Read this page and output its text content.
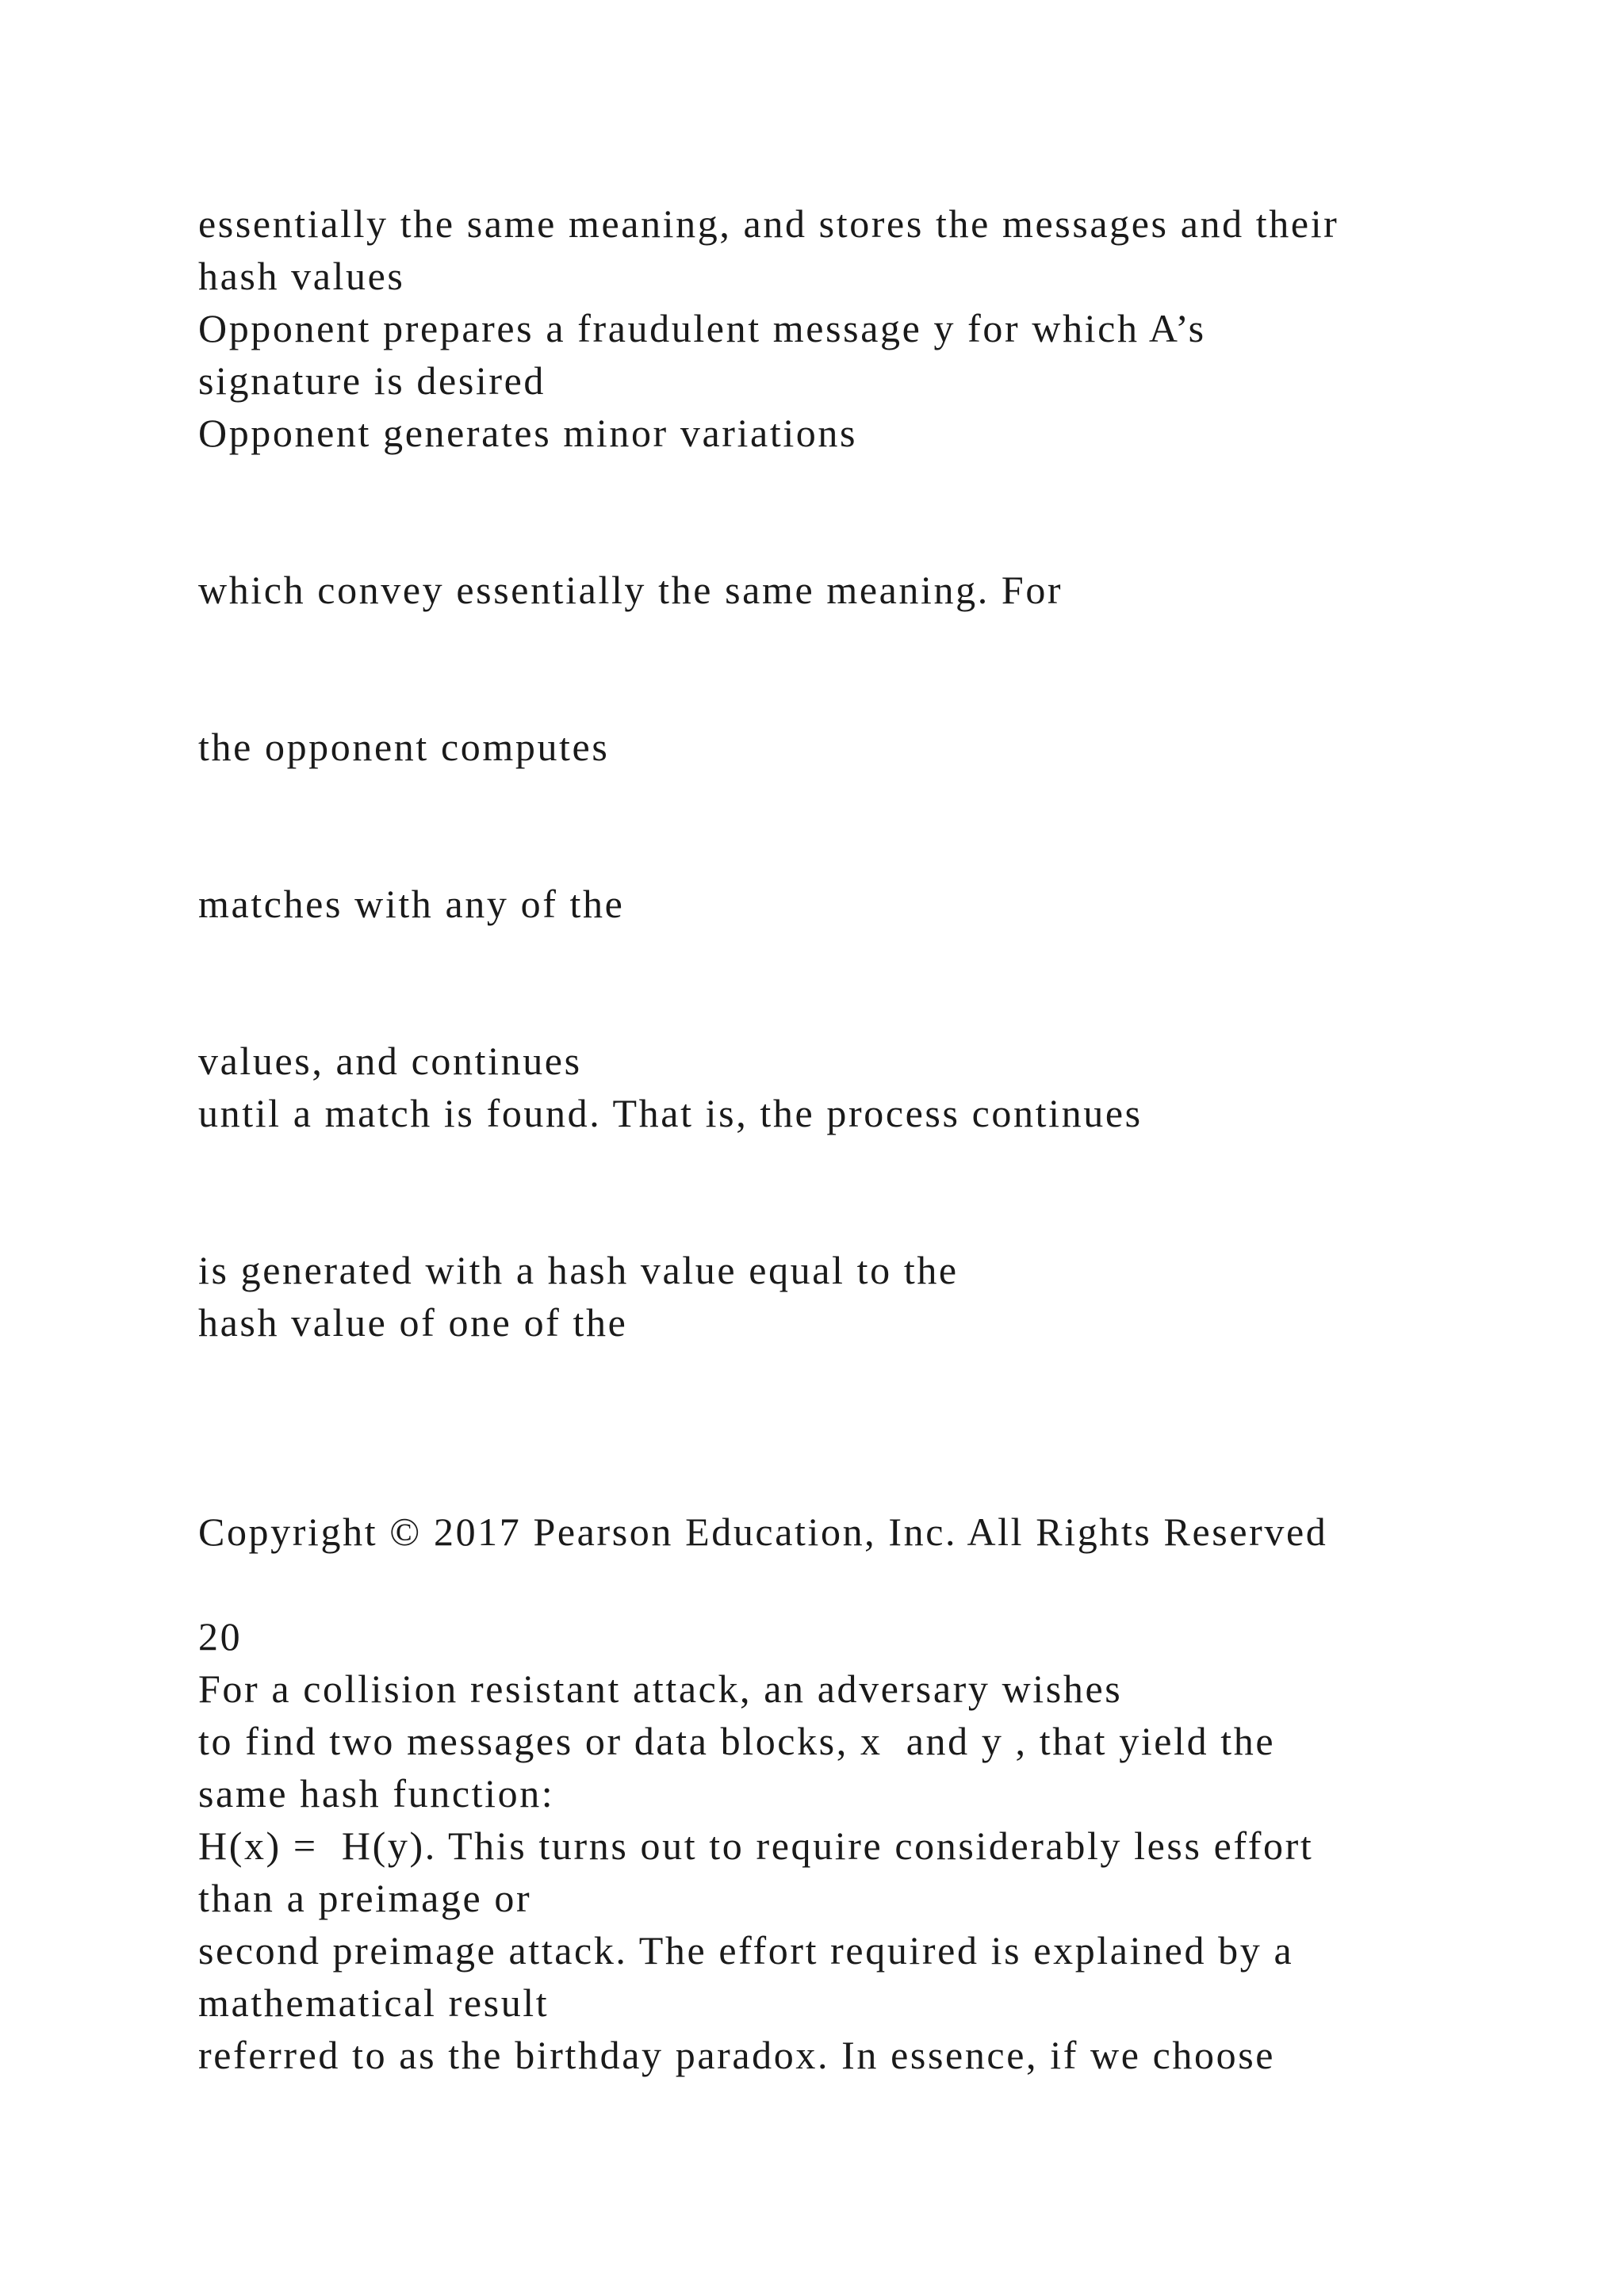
essentially the same meaning, and stores the messages and their
hash values
Opponent prepares a fraudulent message y for which A’s
signature is desired
Opponent generates minor variations
which convey essentially the same meaning. For
the opponent computes
matches with any of the
values, and continues
until a match is found. That is, the process continues
is generated with a hash value equal to the
hash value of one of the
Copyright © 2017 Pearson Education, Inc. All Rights Reserved
20
For a collision resistant attack, an adversary wishes
to find two messages or data blocks, x  and y , that yield the
same hash function:
H(x) =  H(y). This turns out to require considerably less effort
than a preimage or
second preimage attack. The effort required is explained by a
mathematical result
referred to as the birthday paradox. In essence, if we choose
